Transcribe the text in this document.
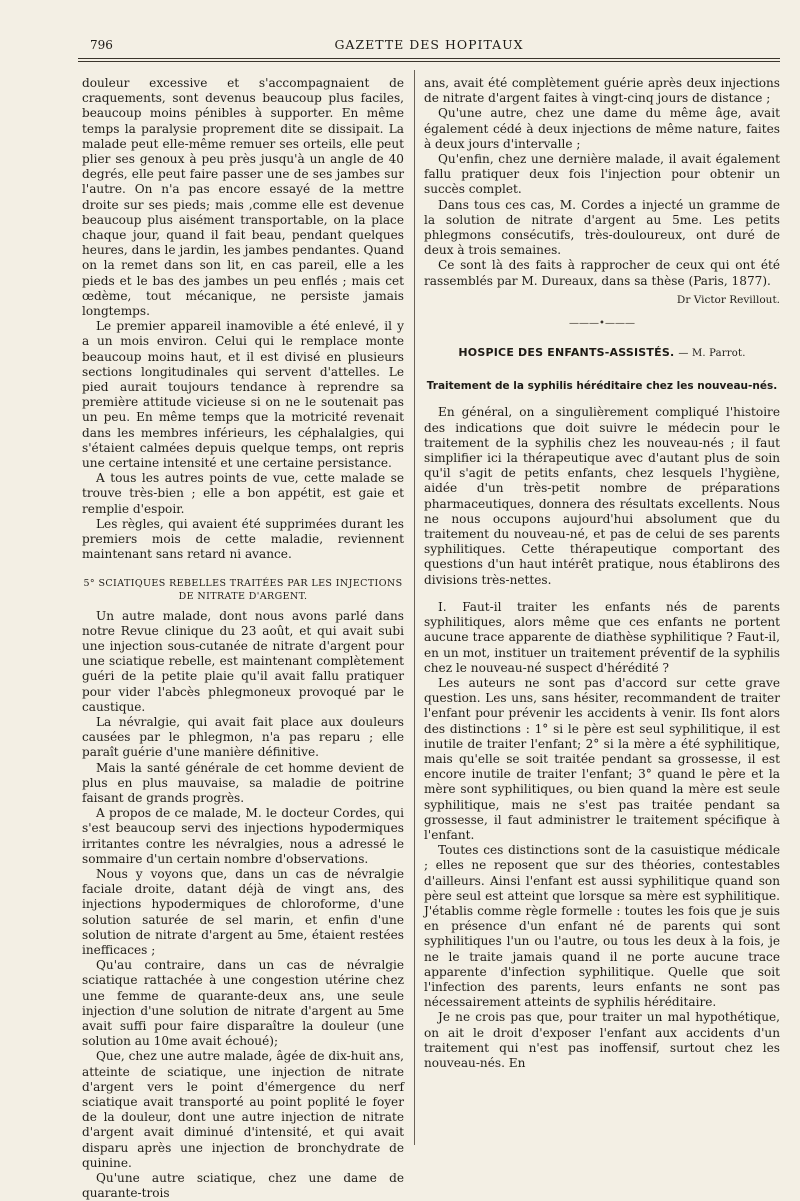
796	GAZETTE DES HOPITAUX

douleur excessive et s'accompagnaient de craquements, sont devenus beaucoup plus faciles, beaucoup moins pénibles à supporter. En même temps la paralysie proprement dite se dissipait. La malade peut elle-même remuer ses orteils, elle peut plier ses genoux à peu près jusqu'à un angle de 40 degrés, elle peut faire passer une de ses jambes sur l'autre. On n'a pas encore essayé de la mettre droite sur ses pieds; mais ,comme elle est devenue beaucoup plus aisément transportable, on la place chaque jour, quand il fait beau, pendant quelques heures, dans le jardin, les jambes pendantes. Quand on la remet dans son lit, en cas pareil, elle a les pieds et le bas des jambes un peu enflés ; mais cet œdème, tout mécanique, ne persiste jamais longtemps.

Le premier appareil inamovible a été enlevé, il y a un mois environ. Celui qui le remplace monte beaucoup moins haut, et il est divisé en plusieurs sections longitudinales qui servent d'attelles. Le pied aurait toujours tendance à reprendre sa première attitude vicieuse si on ne le soutenait pas un peu. En même temps que la motricité revenait dans les membres inférieurs, les céphalalgies, qui s'étaient calmées depuis quelque temps, ont repris une certaine intensité et une certaine persistance.

A tous les autres points de vue, cette malade se trouve très-bien ; elle a bon appétit, est gaie et remplie d'espoir.

Les règles, qui avaient été supprimées durant les premiers mois de cette maladie, reviennent maintenant sans retard ni avance.

5° SCIATIQUES REBELLES TRAITÉES PAR LES INJECTIONS DE NITRATE D'ARGENT.

Un autre malade, dont nous avons parlé dans notre Revue clinique du 23 août, et qui avait subi une injection sous-cutanée de nitrate d'argent pour une sciatique rebelle, est maintenant complètement guéri de la petite plaie qu'il avait fallu pratiquer pour vider l'abcès phlegmoneux provoqué par le caustique.

La névralgie, qui avait fait place aux douleurs causées par le phlegmon, n'a pas reparu ; elle paraît guérie d'une manière définitive.

Mais la santé générale de cet homme devient de plus en plus mauvaise, sa maladie de poitrine faisant de grands progrès.

A propos de ce malade, M. le docteur Cordes, qui s'est beaucoup servi des injections hypodermiques irritantes contre les névralgies, nous a adressé le sommaire d'un certain nombre d'observations.

Nous y voyons que, dans un cas de névralgie faciale droite, datant déjà de vingt ans, des injections hypodermiques de chloroforme, d'une solution saturée de sel marin, et enfin d'une solution de nitrate d'argent au 5me, étaient restées inefficaces ;

Qu'au contraire, dans un cas de névralgie sciatique rattachée à une congestion utérine chez une femme de quarante-deux ans, une seule injection d'une solution de nitrate d'argent au 5me avait suffi pour faire disparaître la douleur (une solution au 10me avait échoué);

Que, chez une autre malade, âgée de dix-huit ans, atteinte de sciatique, une injection de nitrate d'argent vers le point d'émergence du nerf sciatique avait transporté au point poplité le foyer de la douleur, dont une autre injection de nitrate d'argent avait diminué d'intensité, et qui avait disparu après une injection de bronchydrate de quinine.

Qu'une autre sciatique, chez une dame de quarante-trois

ans, avait été complètement guérie après deux injections de nitrate d'argent faites à vingt-cinq jours de distance ;

Qu'une autre, chez une dame du même âge, avait également cédé à deux injections de même nature, faites à deux jours d'intervalle ;

Qu'enfin, chez une dernière malade, il avait également fallu pratiquer deux fois l'injection pour obtenir un succès complet.

Dans tous ces cas, M. Cordes a injecté un gramme de la solution de nitrate d'argent au 5me. Les petits phlegmons consécutifs, très-douloureux, ont duré de deux à trois semaines.

Ce sont là des faits à rapprocher de ceux qui ont été rassemblés par M. Dureaux, dans sa thèse (Paris, 1877).

Dr Victor Revillout.
———•———
HOSPICE DES ENFANTS-ASSISTÉS. — M. Parrot.
Traitement de la syphilis héréditaire chez les nouveau-nés.

En général, on a singulièrement compliqué l'histoire des indications que doit suivre le médecin pour le traitement de la syphilis chez les nouveau-nés ; il faut simplifier ici la thérapeutique avec d'autant plus de soin qu'il s'agit de petits enfants, chez lesquels l'hygiène, aidée d'un très-petit nombre de préparations pharmaceutiques, donnera des résultats excellents. Nous ne nous occupons aujourd'hui absolument que du traitement du nouveau-né, et pas de celui de ses parents syphilitiques. Cette thérapeutique comportant des questions d'un haut intérêt pratique, nous établirons des divisions très-nettes.

I. Faut-il traiter les enfants nés de parents syphilitiques, alors même que ces enfants ne portent aucune trace apparente de diathèse syphilitique ? Faut-il, en un mot, instituer un traitement préventif de la syphilis chez le nouveau-né suspect d'hérédité ?

Les auteurs ne sont pas d'accord sur cette grave question. Les uns, sans hésiter, recommandent de traiter l'enfant pour prévenir les accidents à venir. Ils font alors des distinctions : 1° si le père est seul syphilitique, il est inutile de traiter l'enfant; 2° si la mère a été syphilitique, mais qu'elle se soit traitée pendant sa grossesse, il est encore inutile de traiter l'enfant; 3° quand le père et la mère sont syphilitiques, ou bien quand la mère est seule syphilitique, mais ne s'est pas traitée pendant sa grossesse, il faut administrer le traitement spécifique à l'enfant.

Toutes ces distinctions sont de la casuistique médicale ; elles ne reposent que sur des théories, contestables d'ailleurs. Ainsi l'enfant est aussi syphilitique quand son père seul est atteint que lorsque sa mère est syphilitique. J'établis comme règle formelle : toutes les fois que je suis en présence d'un enfant né de parents qui sont syphilitiques l'un ou l'autre, ou tous les deux à la fois, je ne le traite jamais quand il ne porte aucune trace apparente d'infection syphilitique. Quelle que soit l'infection des parents, leurs enfants ne sont pas nécessairement atteints de syphilis héréditaire.

Je ne crois pas que, pour traiter un mal hypothétique, on ait le droit d'exposer l'enfant aux accidents d'un traitement qui n'est pas inoffensif, surtout chez les nouveau-nés. En
